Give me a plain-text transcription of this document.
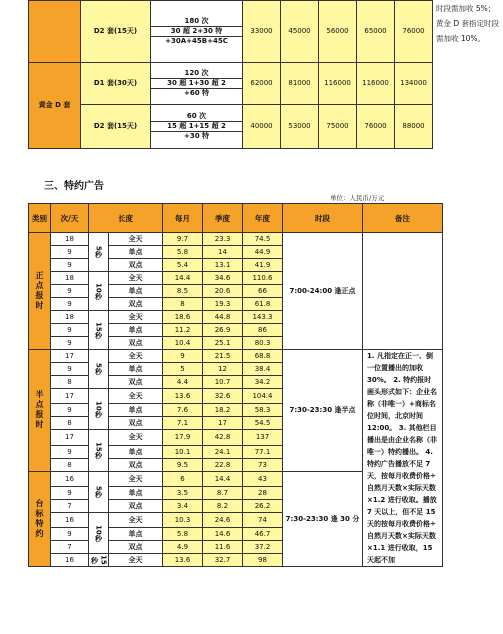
	D2 套(15天)	180 次
30 超 2+30 特
+30A+45B+45C	33000	45000	56000	65000	76000	时段需加收 5%；黄金 D 套指定时段需加收 10%。
黄金 D 套	D1 套(30天)	120 次
30 超 1+30 超 2
+60 特	62000	81000	116000	116000	134000	
	D2 套(15天)	60 次
15 超 1+15 超 2
+30 特	40000	53000	75000	76000	88000	
三、特约广告
单位：人民币/万元
类别	次/天	长度		每月	季度	年度	时段	备注
正点报时	18	5秒	全天	9.7	23.3	74.5	7:00-24:00 逢正点	
	9		单点	5.8	14	44.9		
	9		双点	5.4	13.1	41.9		
	18	10秒	全天	14.4	34.6	110.6		
	9		单点	8.5	20.6	66		
	9		双点	8	19.3	61.8		
	18	15秒	全天	18.6	44.8	143.3		
	9		单点	11.2	26.9	86		
	9		双点	10.4	25.1	80.3		
半点报时	17	5秒	全天	9	21.5	68.8	7:30-23:30 逢半点	1. 凡指定在正一、倒一位置播出的加收 30%。 2. 特约报时画头形式如下：企业名称（非唯一）+商标名位时间，北京时间 12:00。 3. 其他栏目播出是由企业名称（非唯一）特约播出。 4. 特约广告播放不足 7 天，按每月收费价格÷自然月天数×实际天数×1.2 进行收取。播放 7 天以上，但不足 15 天的按每月收费价格÷自然月天数×实际天数×1.1 进行收取，15 天起不加
	9		单点	5	12	38.4		
	8		双点	4.4	10.7	34.2		
	17	10秒	全天	13.6	32.6	104.4		
	9		单点	7.6	18.2	58.3		
	8		双点	7.1	17	54.5		
	17	15秒	全天	17.9	42.8	137		
	9		单点	10.1	24.1	77.1		
	8		双点	9.5	22.8	73		
台标特约	16	5秒	全天	6	14.4	43	7:30-23:30 逢 30 分	
	9		单点	3.5	8.7	28		
	7		双点	3.4	8.2	26.2		
	16	10秒	全天	10.3	24.6	74		
	9		单点	5.8	14.6	46.7		
	7		双点	4.9	11.6	37.2		
	16	15秒	全天	13.6	32.7	98		
